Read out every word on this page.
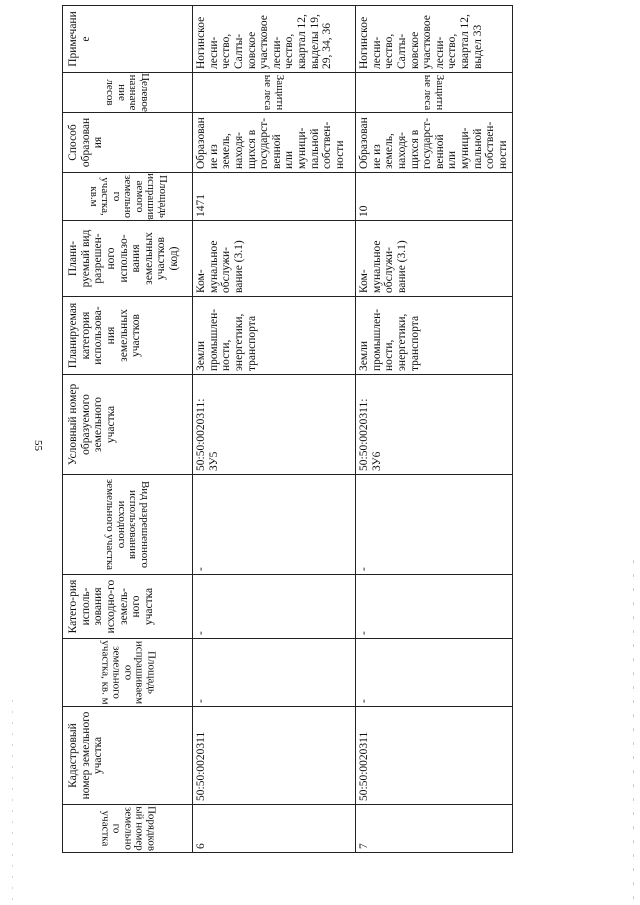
55
Порядковый номер земельного участка	Кадастровый номер земельного участка	Площадь испрашиваемого земельного участка, кв. м	Катего-рия исполь-зования исходно-го земель-ного участка	Вид разрешенного использования исходного земельного участка	Условный номер образуемого земельного участка	Планируемая категория использова-ния земельных участков	Плани-руемый вид разрешен-ного использо-вания земельных участков (код)	Площадь испрашиваемого земельного участка, кв.м	Способ образования	Целевое назначение лесов	Примечание
6	50:50:0020311	-	-	-	50:50:0020311: ЗУ5	Земли промышлен-ности, энергетики, транспорта	Ком-мунальное обслужи-вание (3.1)	1471	Образование из земель, находя-щихся в государст-венной или муници-пальной собствен-ности	Защитные леса	Ногинское лесни-чество, Салты-ковское участковое лесни-чество, квартал 12, выделы 19, 29, 34, 36
7	50:50:0020311	-	-	-	50:50:0020311: ЗУ6	Земли промышлен-ности, энергетики, транспорта	Ком-мунальное обслужи-вание (3.1)	10	Образование из земель, находя-щихся в государст-венной или муници-пальной собствен-ности	Защитные леса	Ногинское лесни-чество, Салты-ковское участковое лесни-чество, квартал 12, выдел 33
